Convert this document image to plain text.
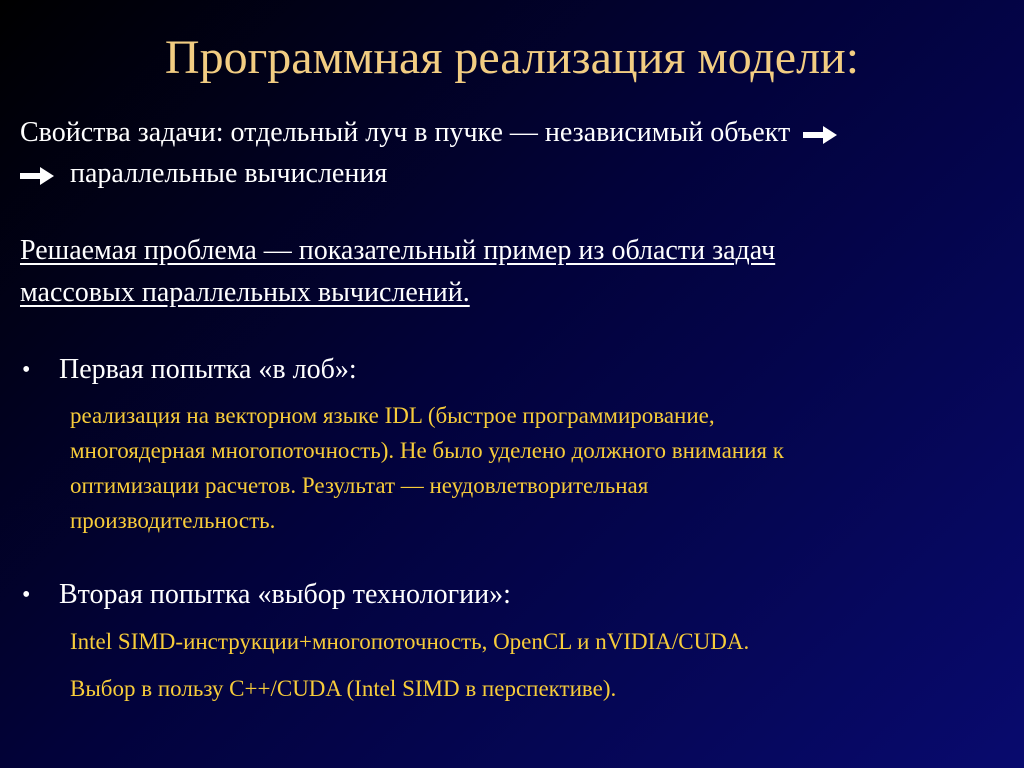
Программная реализация модели:
Свойства задачи: отдельный луч в пучке — независимый объект
параллельные вычисления
Решаемая проблема — показательный пример из области задач
массовых параллельных вычислений.
• Первая попытка «в лоб»:
реализация на векторном языке IDL (быстрое программирование,
многоядерная многопоточность). Не было уделено должного внимания к
оптимизации расчетов. Результат — неудовлетворительная
производительность.
• Вторая попытка «выбор технологии»:
Intel SIMD-инструкции+многопоточность, OpenCL и nVIDIA/CUDA.
Выбор в пользу C++/CUDA (Intel SIMD в перспективе).
